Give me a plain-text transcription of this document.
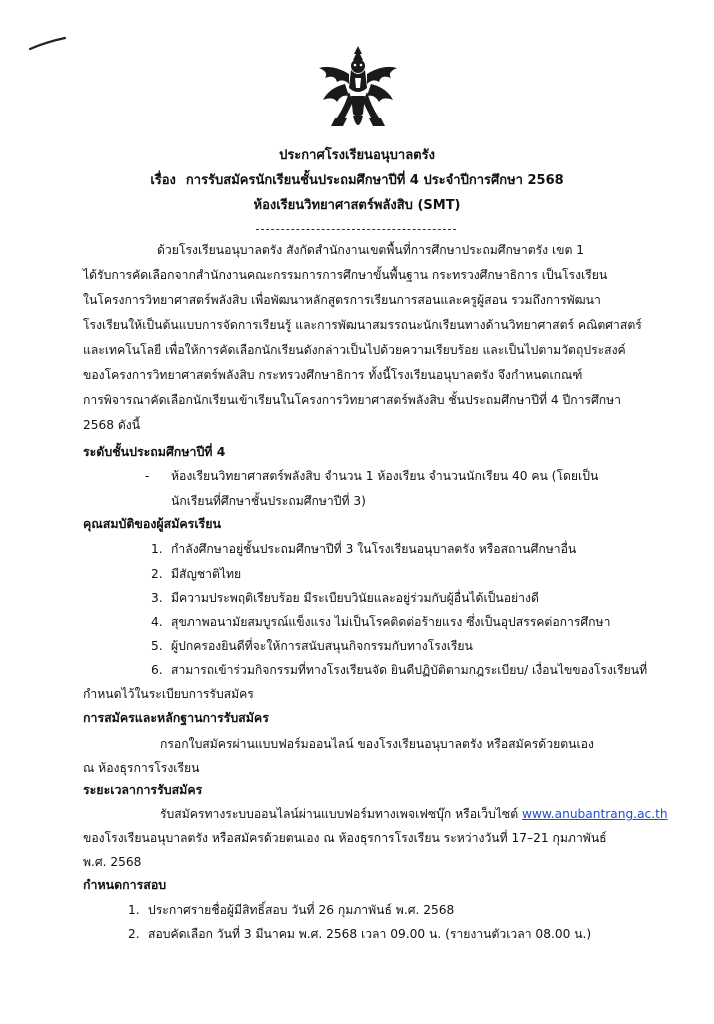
ประกาศโรงเรียนอนุบาลตรัง
เรื่อง การรับสมัครนักเรียนชั้นประถมศึกษาปีที่ 4 ประจำปีการศึกษา 2568
ห้องเรียนวิทยาศาสตร์พลังสิบ (SMT)

ด้วยโรงเรียนอนุบาลตรัง สังกัดสำนักงานเขตพื้นที่การศึกษาประถมศึกษาตรัง เขต 1

ได้รับการคัดเลือกจากสำนักงานคณะกรรมการการศึกษาขั้นพื้นฐาน กระทรวงศึกษาธิการ เป็นโรงเรียน

ในโครงการวิทยาศาสตร์พลังสิบ เพื่อพัฒนาหลักสูตรการเรียนการสอนและครูผู้สอน รวมถึงการพัฒนา

โรงเรียนให้เป็นต้นแบบการจัดการเรียนรู้ และการพัฒนาสมรรถนะนักเรียนทางด้านวิทยาศาสตร์ คณิตศาสตร์

และเทคโนโลยี เพื่อให้การคัดเลือกนักเรียนดังกล่าวเป็นไปด้วยความเรียบร้อย และเป็นไปตามวัตถุประสงค์

ของโครงการวิทยาศาสตร์พลังสิบ กระทรวงศึกษาธิการ ทั้งนี้โรงเรียนอนุบาลตรัง จึงกำหนดเกณฑ์

การพิจารณาคัดเลือกนักเรียนเข้าเรียนในโครงการวิทยาศาสตร์พลังสิบ ชั้นประถมศึกษาปีที่ 4 ปีการศึกษา

2568 ดังนี้

ระดับชั้นประถมศึกษาปีที่ 4
- ห้องเรียนวิทยาศาสตร์พลังสิบ จำนวน 1 ห้องเรียน จำนวนนักเรียน 40 คน (โดยเป็น
นักเรียนที่ศึกษาชั้นประถมศึกษาปีที่ 3)
คุณสมบัติของผู้สมัครเรียน
1. กำลังศึกษาอยู่ชั้นประถมศึกษาปีที่ 3 ในโรงเรียนอนุบาลตรัง หรือสถานศึกษาอื่น
2. มีสัญชาติไทย
3. มีความประพฤติเรียบร้อย มีระเบียบวินัยและอยู่ร่วมกับผู้อื่นได้เป็นอย่างดี
4. สุขภาพอนามัยสมบูรณ์แข็งแรง ไม่เป็นโรคติดต่อร้ายแรง ซึ่งเป็นอุปสรรคต่อการศึกษา
5. ผู้ปกครองยินดีที่จะให้การสนับสนุนกิจกรรมกับทางโรงเรียน
6. สามารถเข้าร่วมกิจกรรมที่ทางโรงเรียนจัด ยินดีปฏิบัติตามกฎระเบียบ/ เงื่อนไขของโรงเรียนที่
กำหนดไว้ในระเบียบการรับสมัคร
การสมัครและหลักฐานการรับสมัคร
กรอกใบสมัครผ่านแบบฟอร์มออนไลน์ ของโรงเรียนอนุบาลตรัง หรือสมัครด้วยตนเอง
ณ ห้องธุรการโรงเรียน
ระยะเวลาการรับสมัคร
รับสมัครทางระบบออนไลน์ผ่านแบบฟอร์มทางเพจเฟซบุ๊ก หรือเว็บไซต์ www.anubantrang.ac.th
ของโรงเรียนอนุบาลตรัง หรือสมัครด้วยตนเอง ณ ห้องธุรการโรงเรียน ระหว่างวันที่ 17–21 กุมภาพันธ์
พ.ศ. 2568
กำหนดการสอบ
1. ประกาศรายชื่อผู้มีสิทธิ์สอบ วันที่ 26 กุมภาพันธ์ พ.ศ. 2568
2. สอบคัดเลือก วันที่ 3 มีนาคม พ.ศ. 2568 เวลา 09.00 น. (รายงานตัวเวลา 08.00 น.)
